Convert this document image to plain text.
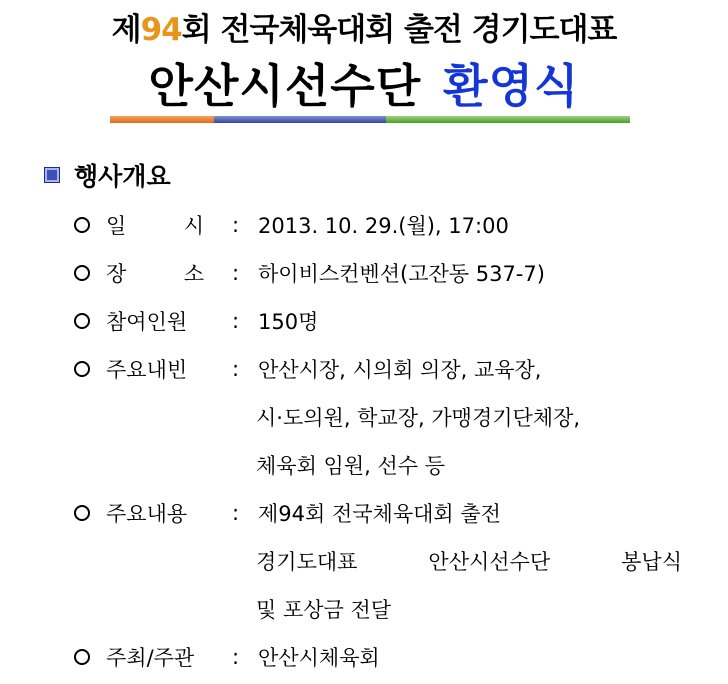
제94회 전국체육대회 출전 경기도대표
안산시선수단 환영식
행사개요
일	시 : 2013. 10. 29.(월), 17:00
장	소 : 하이비스컨벤션(고잔동 537-7)
참여인원	: 150명
주요내빈	: 안산시장, 시의회 의장, 교육장,
시·도의원, 학교장, 가맹경기단체장,
체육회 임원, 선수 등
주요내용	: 제94회 전국체육대회 출전
경기도대표	안산시선수단	봉납식
및 포상금 전달
주최/주관	: 안산시체육회
